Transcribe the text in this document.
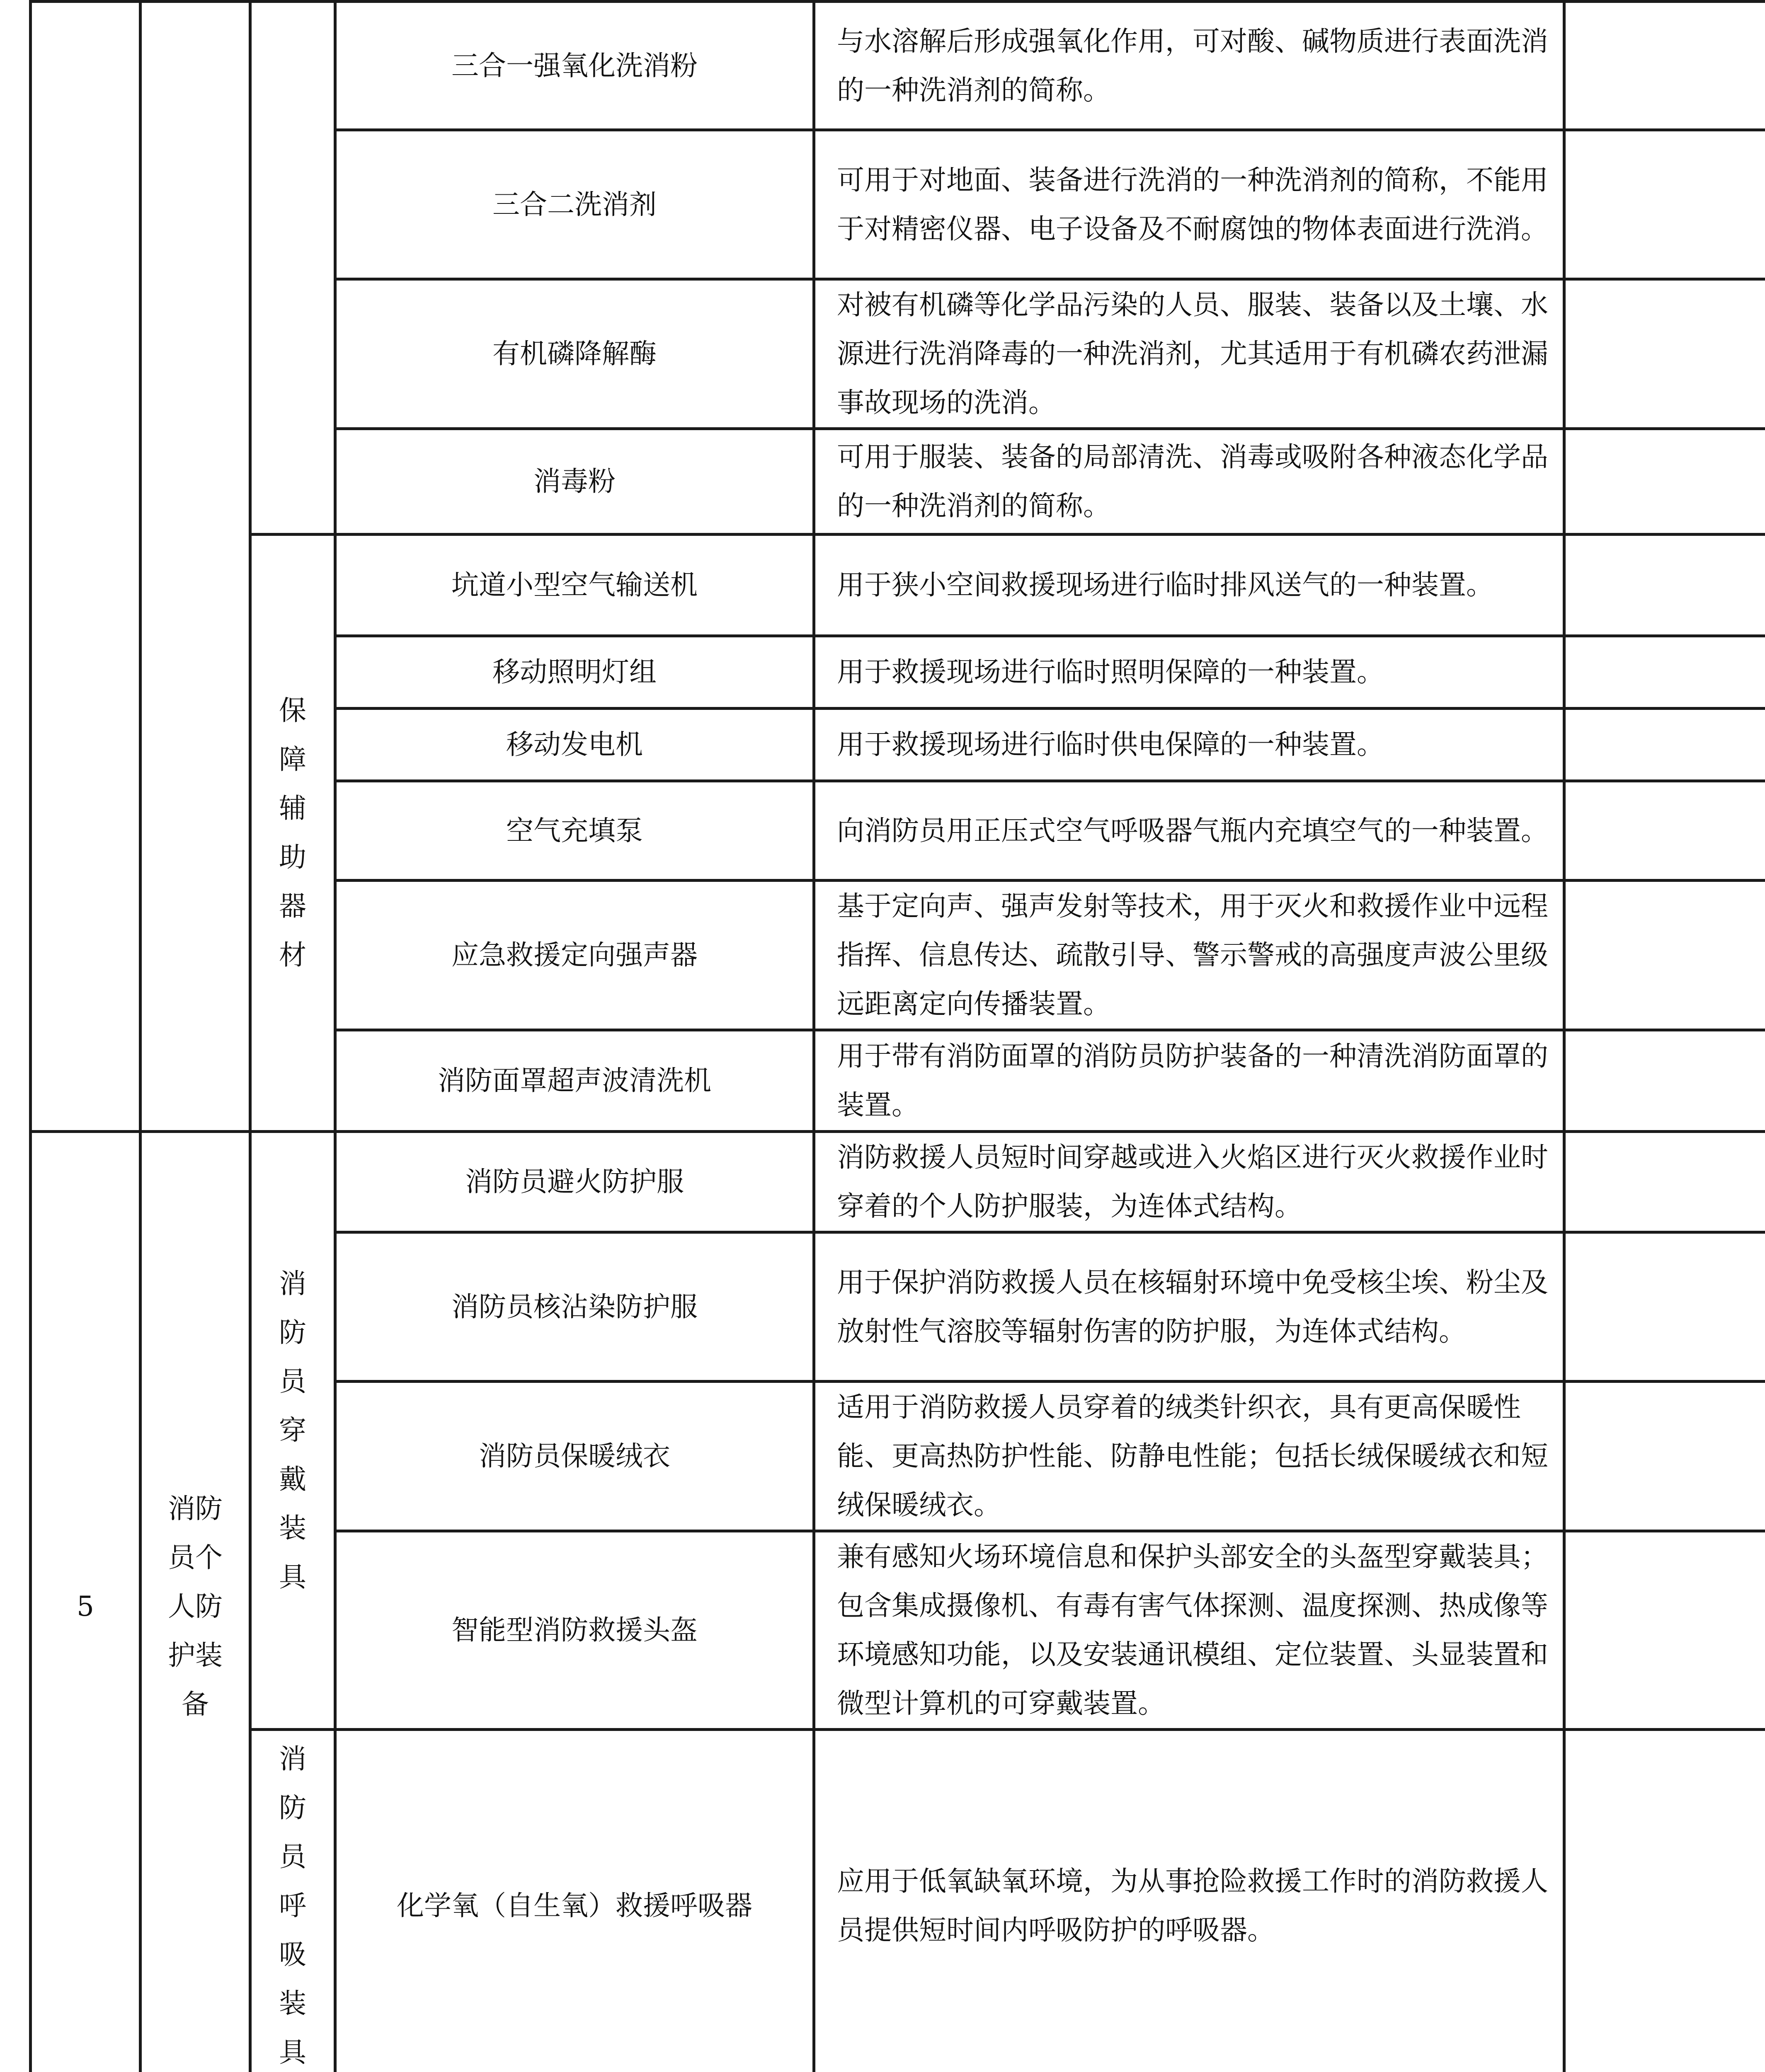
			三合一强氧化洗消粉	与水溶解后形成强氧化作用，可对酸、碱物质进行表面洗消的一种洗消剂的简称。	
			三合二洗消剂	可用于对地面、装备进行洗消的一种洗消剂的简称，不能用于对精密仪器、电子设备及不耐腐蚀的物体表面进行洗消。	
			有机磷降解酶	对被有机磷等化学品污染的人员、服装、装备以及土壤、水源进行洗消降毒的一种洗消剂，尤其适用于有机磷农药泄漏事故现场的洗消。	
			消毒粉	可用于服装、装备的局部清洗、消毒或吸附各种液态化学品的一种洗消剂的简称。	
		保障辅助器材	坑道小型空气输送机	用于狭小空间救援现场进行临时排风送气的一种装置。	
			移动照明灯组	用于救援现场进行临时照明保障的一种装置。	
			移动发电机	用于救援现场进行临时供电保障的一种装置。	
			空气充填泵	向消防员用正压式空气呼吸器气瓶内充填空气的一种装置。	
			应急救援定向强声器	基于定向声、强声发射等技术，用于灭火和救援作业中远程指挥、信息传达、疏散引导、警示警戒的高强度声波公里级远距离定向传播装置。	
			消防面罩超声波清洗机	用于带有消防面罩的消防员防护装备的一种清洗消防面罩的装置。	
5	消防员个人防护装备	消防员穿戴装具	消防员避火防护服	消防救援人员短时间穿越或进入火焰区进行灭火救援作业时穿着的个人防护服装，为连体式结构。	
			消防员核沾染防护服	用于保护消防救援人员在核辐射环境中免受核尘埃、粉尘及放射性气溶胶等辐射伤害的防护服，为连体式结构。	
			消防员保暖绒衣	适用于消防救援人员穿着的绒类针织衣，具有更高保暖性能、更高热防护性能、防静电性能；包括长绒保暖绒衣和短绒保暖绒衣。	
			智能型消防救援头盔	兼有感知火场环境信息和保护头部安全的头盔型穿戴装具；包含集成摄像机、有毒有害气体探测、温度探测、热成像等环境感知功能，以及安装通讯模组、定位装置、头显装置和微型计算机的可穿戴装置。	
		消防员呼吸装具	化学氧（自生氧）救援呼吸器	应用于低氧缺氧环境，为从事抢险救援工作时的消防救援人员提供短时间内呼吸防护的呼吸器。	
